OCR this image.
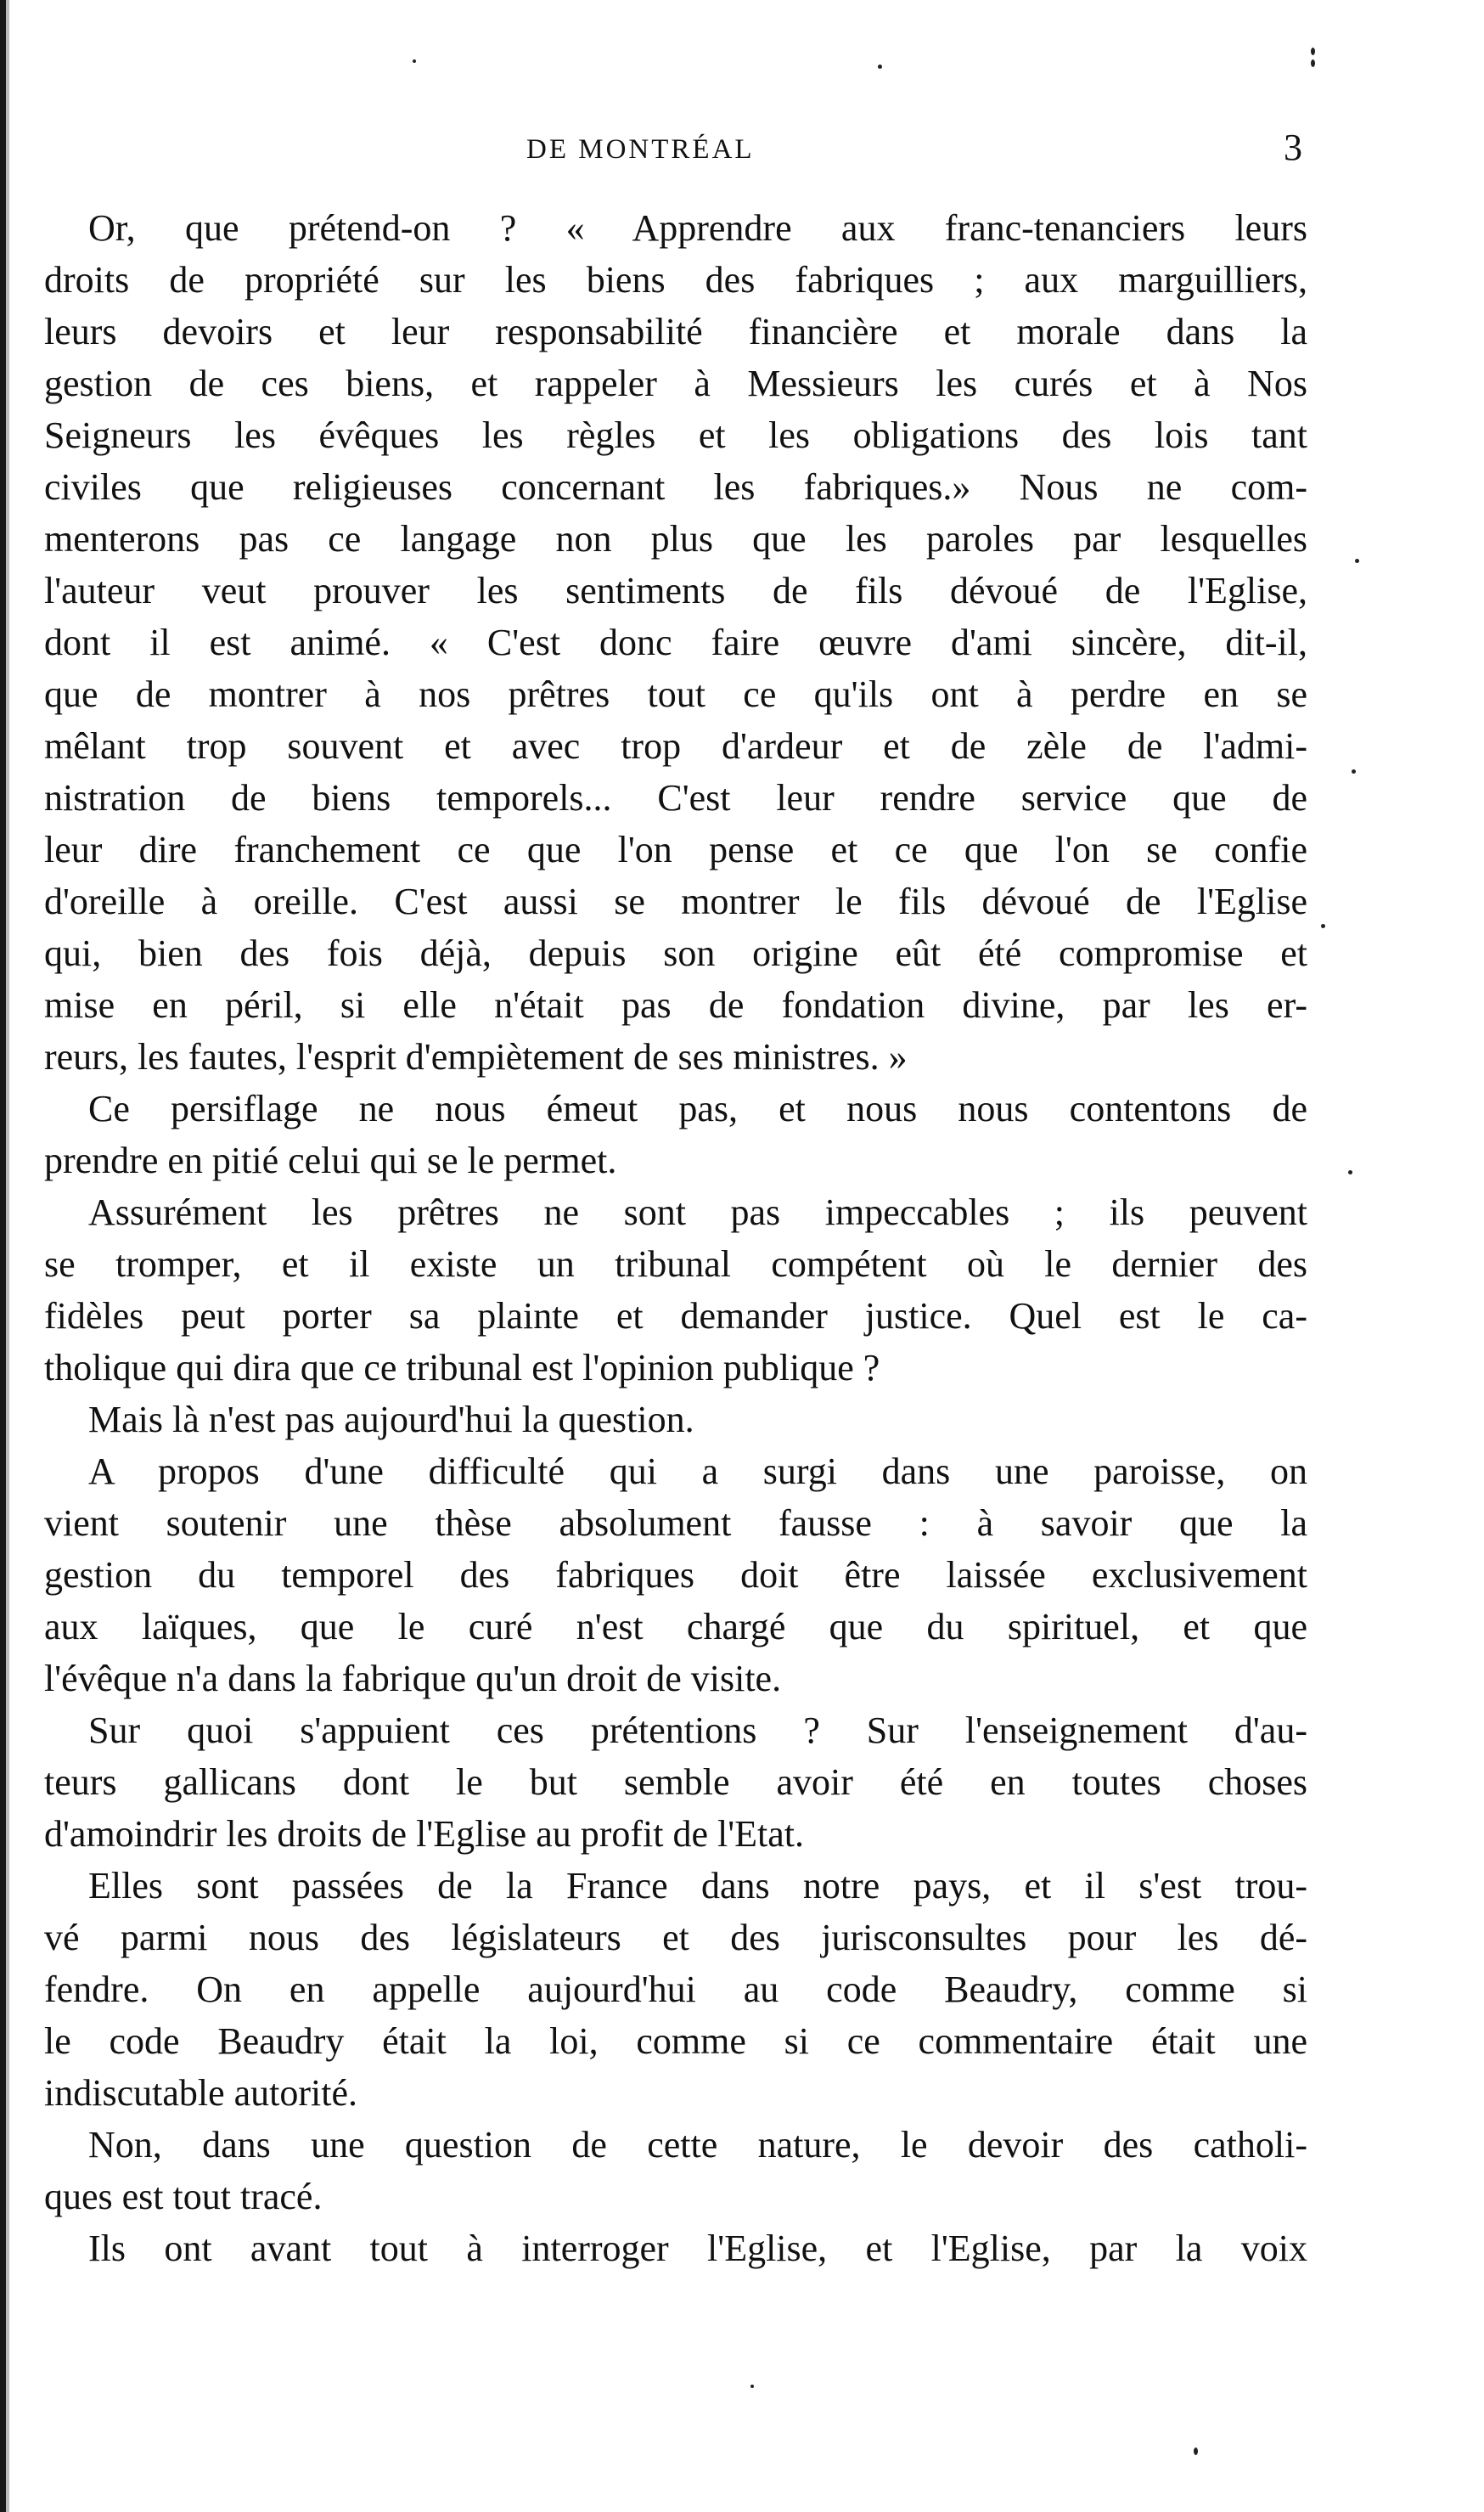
DE MONTRÉAL	3
Or, que prétend-on ? « Apprendre aux franc-tenanciers leurs
droits de propriété sur les biens des fabriques ; aux marguilliers,
leurs devoirs et leur responsabilité financière et morale dans la
gestion de ces biens, et rappeler à Messieurs les curés et à Nos
Seigneurs les évêques les règles et les obligations des lois tant
civiles que religieuses concernant les fabriques.» Nous ne com-
menterons pas ce langage non plus que les paroles par lesquelles
l'auteur veut prouver les sentiments de fils dévoué de l'Eglise,
dont il est animé. « C'est donc faire œuvre d'ami sincère, dit-il,
que de montrer à nos prêtres tout ce qu'ils ont à perdre en se
mêlant trop souvent et avec trop d'ardeur et de zèle de l'admi-
nistration de biens temporels... C'est leur rendre service que de
leur dire franchement ce que l'on pense et ce que l'on se confie
d'oreille à oreille. C'est aussi se montrer le fils dévoué de l'Eglise
qui, bien des fois déjà, depuis son origine eût été compromise et
mise en péril, si elle n'était pas de fondation divine, par les er-
reurs, les fautes, l'esprit d'empiètement de ses ministres. »
Ce persiflage ne nous émeut pas, et nous nous contentons de
prendre en pitié celui qui se le permet.
Assurément les prêtres ne sont pas impeccables ; ils peuvent
se tromper, et il existe un tribunal compétent où le dernier des
fidèles peut porter sa plainte et demander justice. Quel est le ca-
tholique qui dira que ce tribunal est l'opinion publique ?
Mais là n'est pas aujourd'hui la question.
A propos d'une difficulté qui a surgi dans une paroisse, on
vient soutenir une thèse absolument fausse : à savoir que la
gestion du temporel des fabriques doit être laissée exclusivement
aux laïques, que le curé n'est chargé que du spirituel, et que
l'évêque n'a dans la fabrique qu'un droit de visite.
Sur quoi s'appuient ces prétentions ? Sur l'enseignement d'au-
teurs gallicans dont le but semble avoir été en toutes choses
d'amoindrir les droits de l'Eglise au profit de l'Etat.
Elles sont passées de la France dans notre pays, et il s'est trou-
vé parmi nous des législateurs et des jurisconsultes pour les dé-
fendre. On en appelle aujourd'hui au code Beaudry, comme si
le code Beaudry était la loi, comme si ce commentaire était une
indiscutable autorité.
Non, dans une question de cette nature, le devoir des catholi-
ques est tout tracé.
Ils ont avant tout à interroger l'Eglise, et l'Eglise, par la voix
